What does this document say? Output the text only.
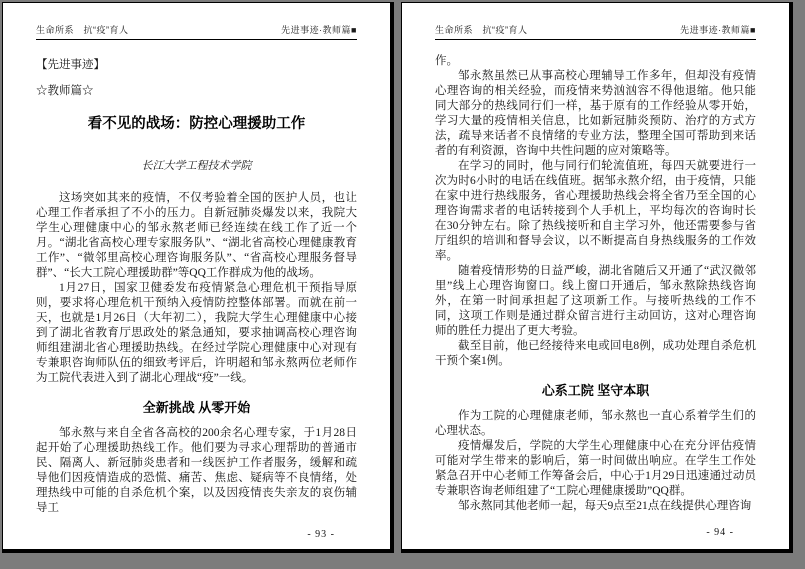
生命所系　抗“疫”育人	先进事迹·教师篇■
【先进事迹】
☆教师篇☆
看不见的战场：防控心理援助工作
长江大学工程技术学院

这场突如其来的疫情，不仅考验着全国的医护人员，也让心理工作者承担了不小的压力。自新冠肺炎爆发以来，我院大学生心理健康中心的邹永熬老师已经连续在线工作了近一个月。“湖北省高校心理专家服务队”、“湖北省高校心理健康教育工作”、“微邻里高校心理咨询服务队”、“省高校心理服务督导群”、“长大工院心理援助群”等QQ工作群成为他的战场。

1月27日，国家卫健委发布疫情紧急心理危机干预指导原则，要求将心理危机干预纳入疫情防控整体部署。而就在前一天，也就是1月26日（大年初二），我院大学生心理健康中心接到了湖北省教育厅思政处的紧急通知，要求抽调高校心理咨询师组建湖北省心理援助热线。在经过学院心理健康中心对现有专兼职咨询师队伍的细致考评后，许明超和邹永熬两位老师作为工院代表进入到了湖北心理战“疫”一线。

全新挑战 从零开始

邹永熬与来自全省各高校的200余名心理专家，于1月28日起开始了心理援助热线工作。他们要为寻求心理帮助的普通市民、隔离人、新冠肺炎患者和一线医护工作者服务，缓解和疏导他们因疫情造成的恐慌、痛苦、焦虑、疑病等不良情绪，处理热线中可能的自杀危机个案，以及因疫情丧失亲友的哀伤辅导工

- 93 -
生命所系　抗“疫”育人	先进事迹·教师篇■

作。

邹永熬虽然已从事高校心理辅导工作多年，但却没有疫情心理咨询的相关经验，而疫情来势汹汹容不得他退缩。他只能同大部分的热线同行们一样，基于原有的工作经验从零开始，学习大量的疫情相关信息，比如新冠肺炎预防、治疗的方式方法，疏导来话者不良情绪的专业方法，整理全国可帮助到来话者的有利资源，咨询中共性问题的应对策略等。

在学习的同时，他与同行们轮流值班，每四天就要进行一次为时6小时的电话在线值班。据邹永熬介绍，由于疫情，只能在家中进行热线服务，省心理援助热线会将全省乃至全国的心理咨询需求者的电话转接到个人手机上，平均每次的咨询时长在30分钟左右。除了热线接听和自主学习外，他还需要参与省厅组织的培训和督导会议，以不断提高自身热线服务的工作效率。

随着疫情形势的日益严峻，湖北省随后又开通了“武汉微邻里”线上心理咨询窗口。线上窗口开通后，邹永熬除热线咨询外，在第一时间承担起了这项新工作。与接听热线的工作不同，这项工作则是通过群众留言进行主动回访，这对心理咨询师的胜任力提出了更大考验。

截至目前，他已经接待来电或回电8例，成功处理自杀危机干预个案1例。

心系工院 坚守本职

作为工院的心理健康老师，邹永熬也一直心系着学生们的心理状态。

疫情爆发后，学院的大学生心理健康中心在充分评估疫情可能对学生带来的影响后，第一时间做出响应。在学生工作处紧急召开中心老师工作筹备会后，中心于1月29日迅速通过动员专兼职咨询老师组建了“工院心理健康援助”QQ群。

邹永熬同其他老师一起，每天9点至21点在线提供心理咨询

- 94 -
